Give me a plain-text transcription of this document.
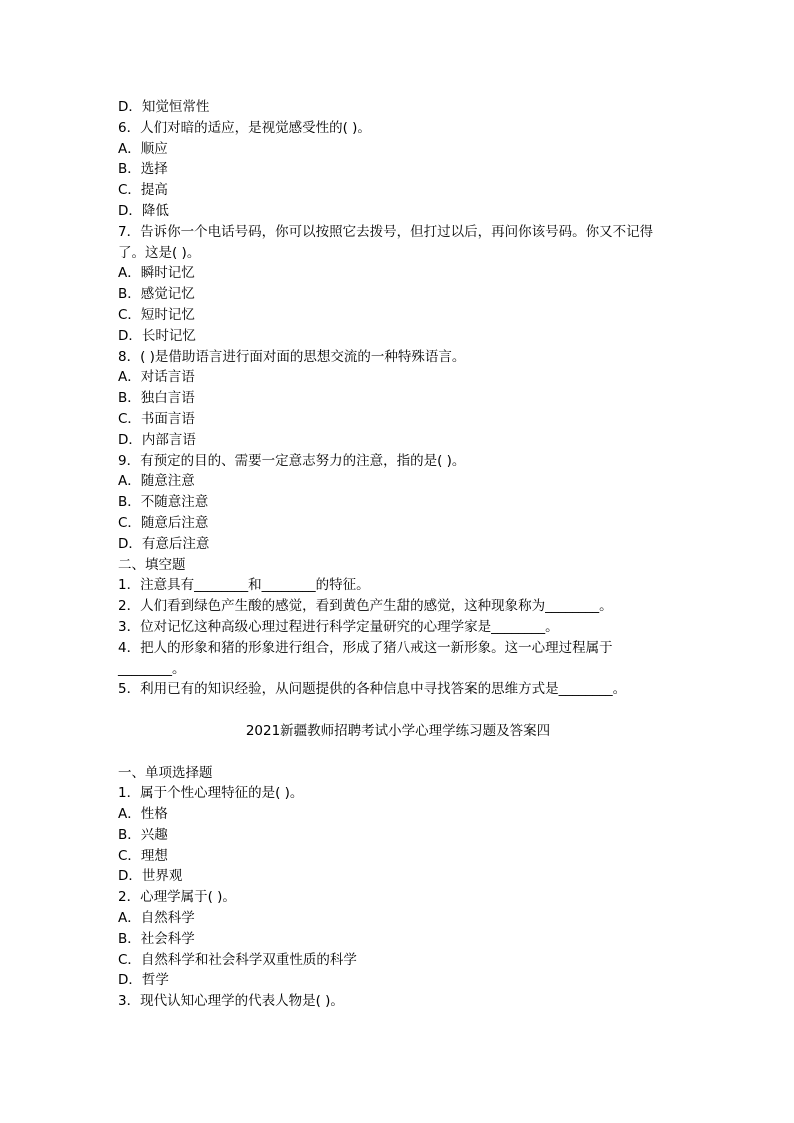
D．知觉恒常性
6．人们对暗的适应，是视觉感受性的( )。
A．顺应
B．选择
C．提高
D．降低
7．告诉你一个电话号码，你可以按照它去拨号，但打过以后，再问你该号码。你又不记得
了。这是( )。
A．瞬时记忆
B．感觉记忆
C．短时记忆
D．长时记忆
8．( )是借助语言进行面对面的思想交流的一种特殊语言。
A．对话言语
B．独白言语
C．书面言语
D．内部言语
9．有预定的目的、需要一定意志努力的注意，指的是( )。
A．随意注意
B．不随意注意
C．随意后注意
D．有意后注意
二、填空题
1．注意具有________和________的特征。
2．人们看到绿色产生酸的感觉，看到黄色产生甜的感觉，这种现象称为________。
3．位对记忆这种高级心理过程进行科学定量研究的心理学家是________。
4．把人的形象和猪的形象进行组合，形成了猪八戒这一新形象。这一心理过程属于
________。
5．利用已有的知识经验，从问题提供的各种信息中寻找答案的思维方式是________。
2021新疆教师招聘考试小学心理学练习题及答案四
一、单项选择题
1．属于个性心理特征的是( )。
A．性格
B．兴趣
C．理想
D．世界观
2．心理学属于( )。
A．自然科学
B．社会科学
C．自然科学和社会科学双重性质的科学
D．哲学
3．现代认知心理学的代表人物是( )。
